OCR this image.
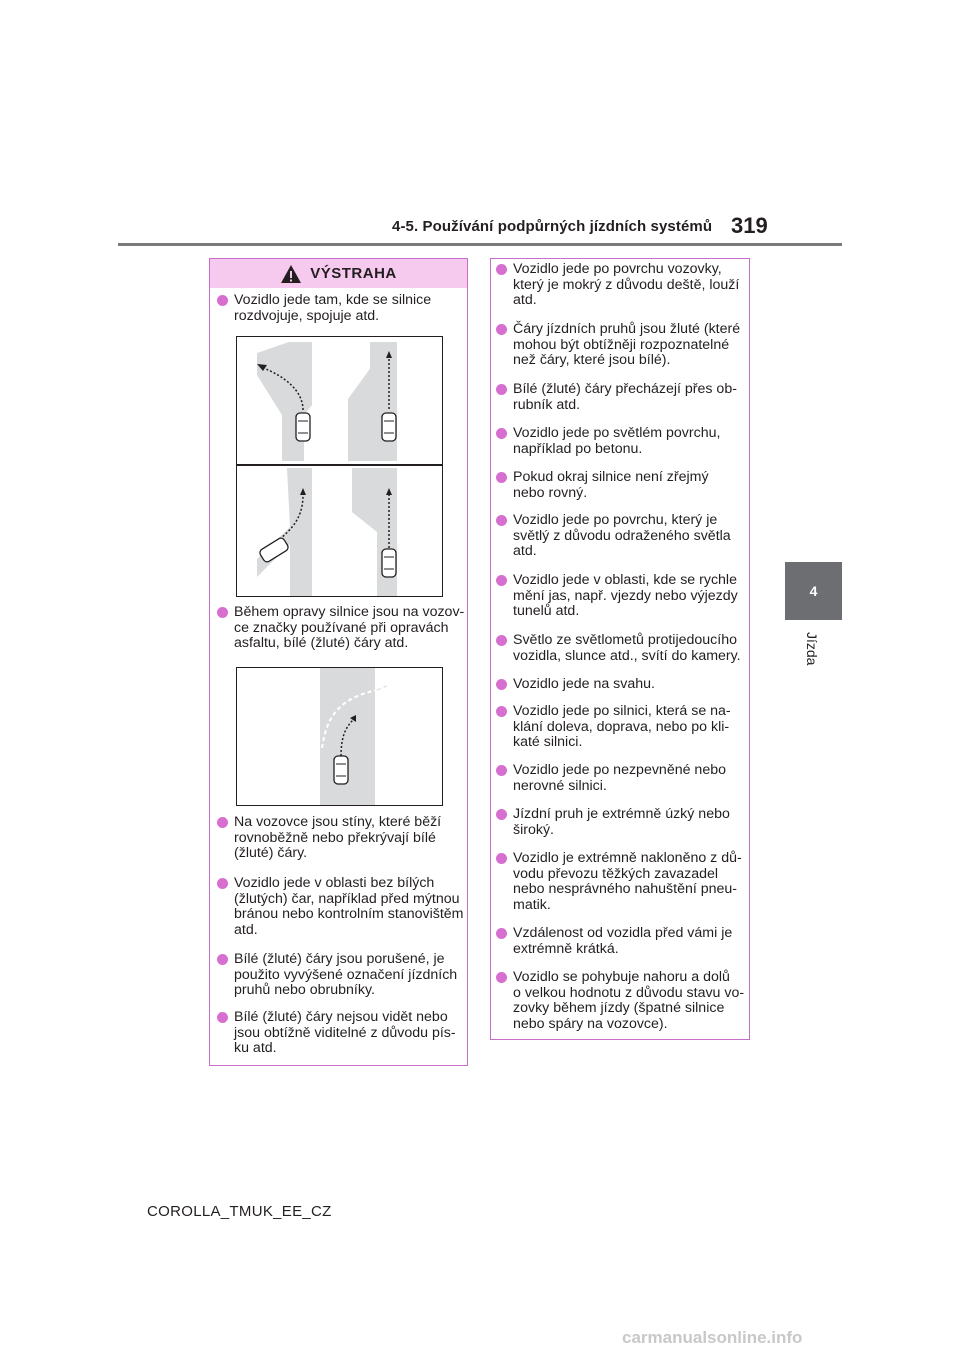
4-5. Používání podpůrných jízdních systémů 319
4
Jízda
VÝSTRAHA
Vozidlo jede tam, kde se silnice
rozdvojuje, spojuje atd.
Během opravy silnice jsou na vozov-
ce značky používané při opravách
asfaltu, bílé (žluté) čáry atd.
Na vozovce jsou stíny, které běží
rovnoběžně nebo překrývají bílé
(žluté) čáry.
Vozidlo jede v oblasti bez bílých
(žlutých) čar, například před mýtnou
bránou nebo kontrolním stanovištěm
atd.
Bílé (žluté) čáry jsou porušené, je
použito vyvýšené označení jízdních
pruhů nebo obrubníky.
Bílé (žluté) čáry nejsou vidět nebo
jsou obtížně viditelné z důvodu pís-
ku atd.
Vozidlo jede po povrchu vozovky,
který je mokrý z důvodu deště, louží
atd.
Čáry jízdních pruhů jsou žluté (které
mohou být obtížněji rozpoznatelné
než čáry, které jsou bílé).
Bílé (žluté) čáry přecházejí přes ob-
rubník atd.
Vozidlo jede po světlém povrchu,
například po betonu.
Pokud okraj silnice není zřejmý
nebo rovný.
Vozidlo jede po povrchu, který je
světlý z důvodu odraženého světla
atd.
Vozidlo jede v oblasti, kde se rychle
mění jas, např. vjezdy nebo výjezdy
tunelů atd.
Světlo ze světlometů protijedoucího
vozidla, slunce atd., svítí do kamery.
Vozidlo jede na svahu.
Vozidlo jede po silnici, která se na-
klání doleva, doprava, nebo po kli-
katé silnici.
Vozidlo jede po nezpevněné nebo
nerovné silnici.
Jízdní pruh je extrémně úzký nebo
široký.
Vozidlo je extrémně nakloněno z dů-
vodu převozu těžkých zavazadel
nebo nesprávného nahuštění pneu-
matik.
Vzdálenost od vozidla před vámi je
extrémně krátká.
Vozidlo se pohybuje nahoru a dolů
o velkou hodnotu z důvodu stavu vo-
zovky během jízdy (špatné silnice
nebo spáry na vozovce).
COROLLA_TMUK_EE_CZ
carmanualsonline.info
